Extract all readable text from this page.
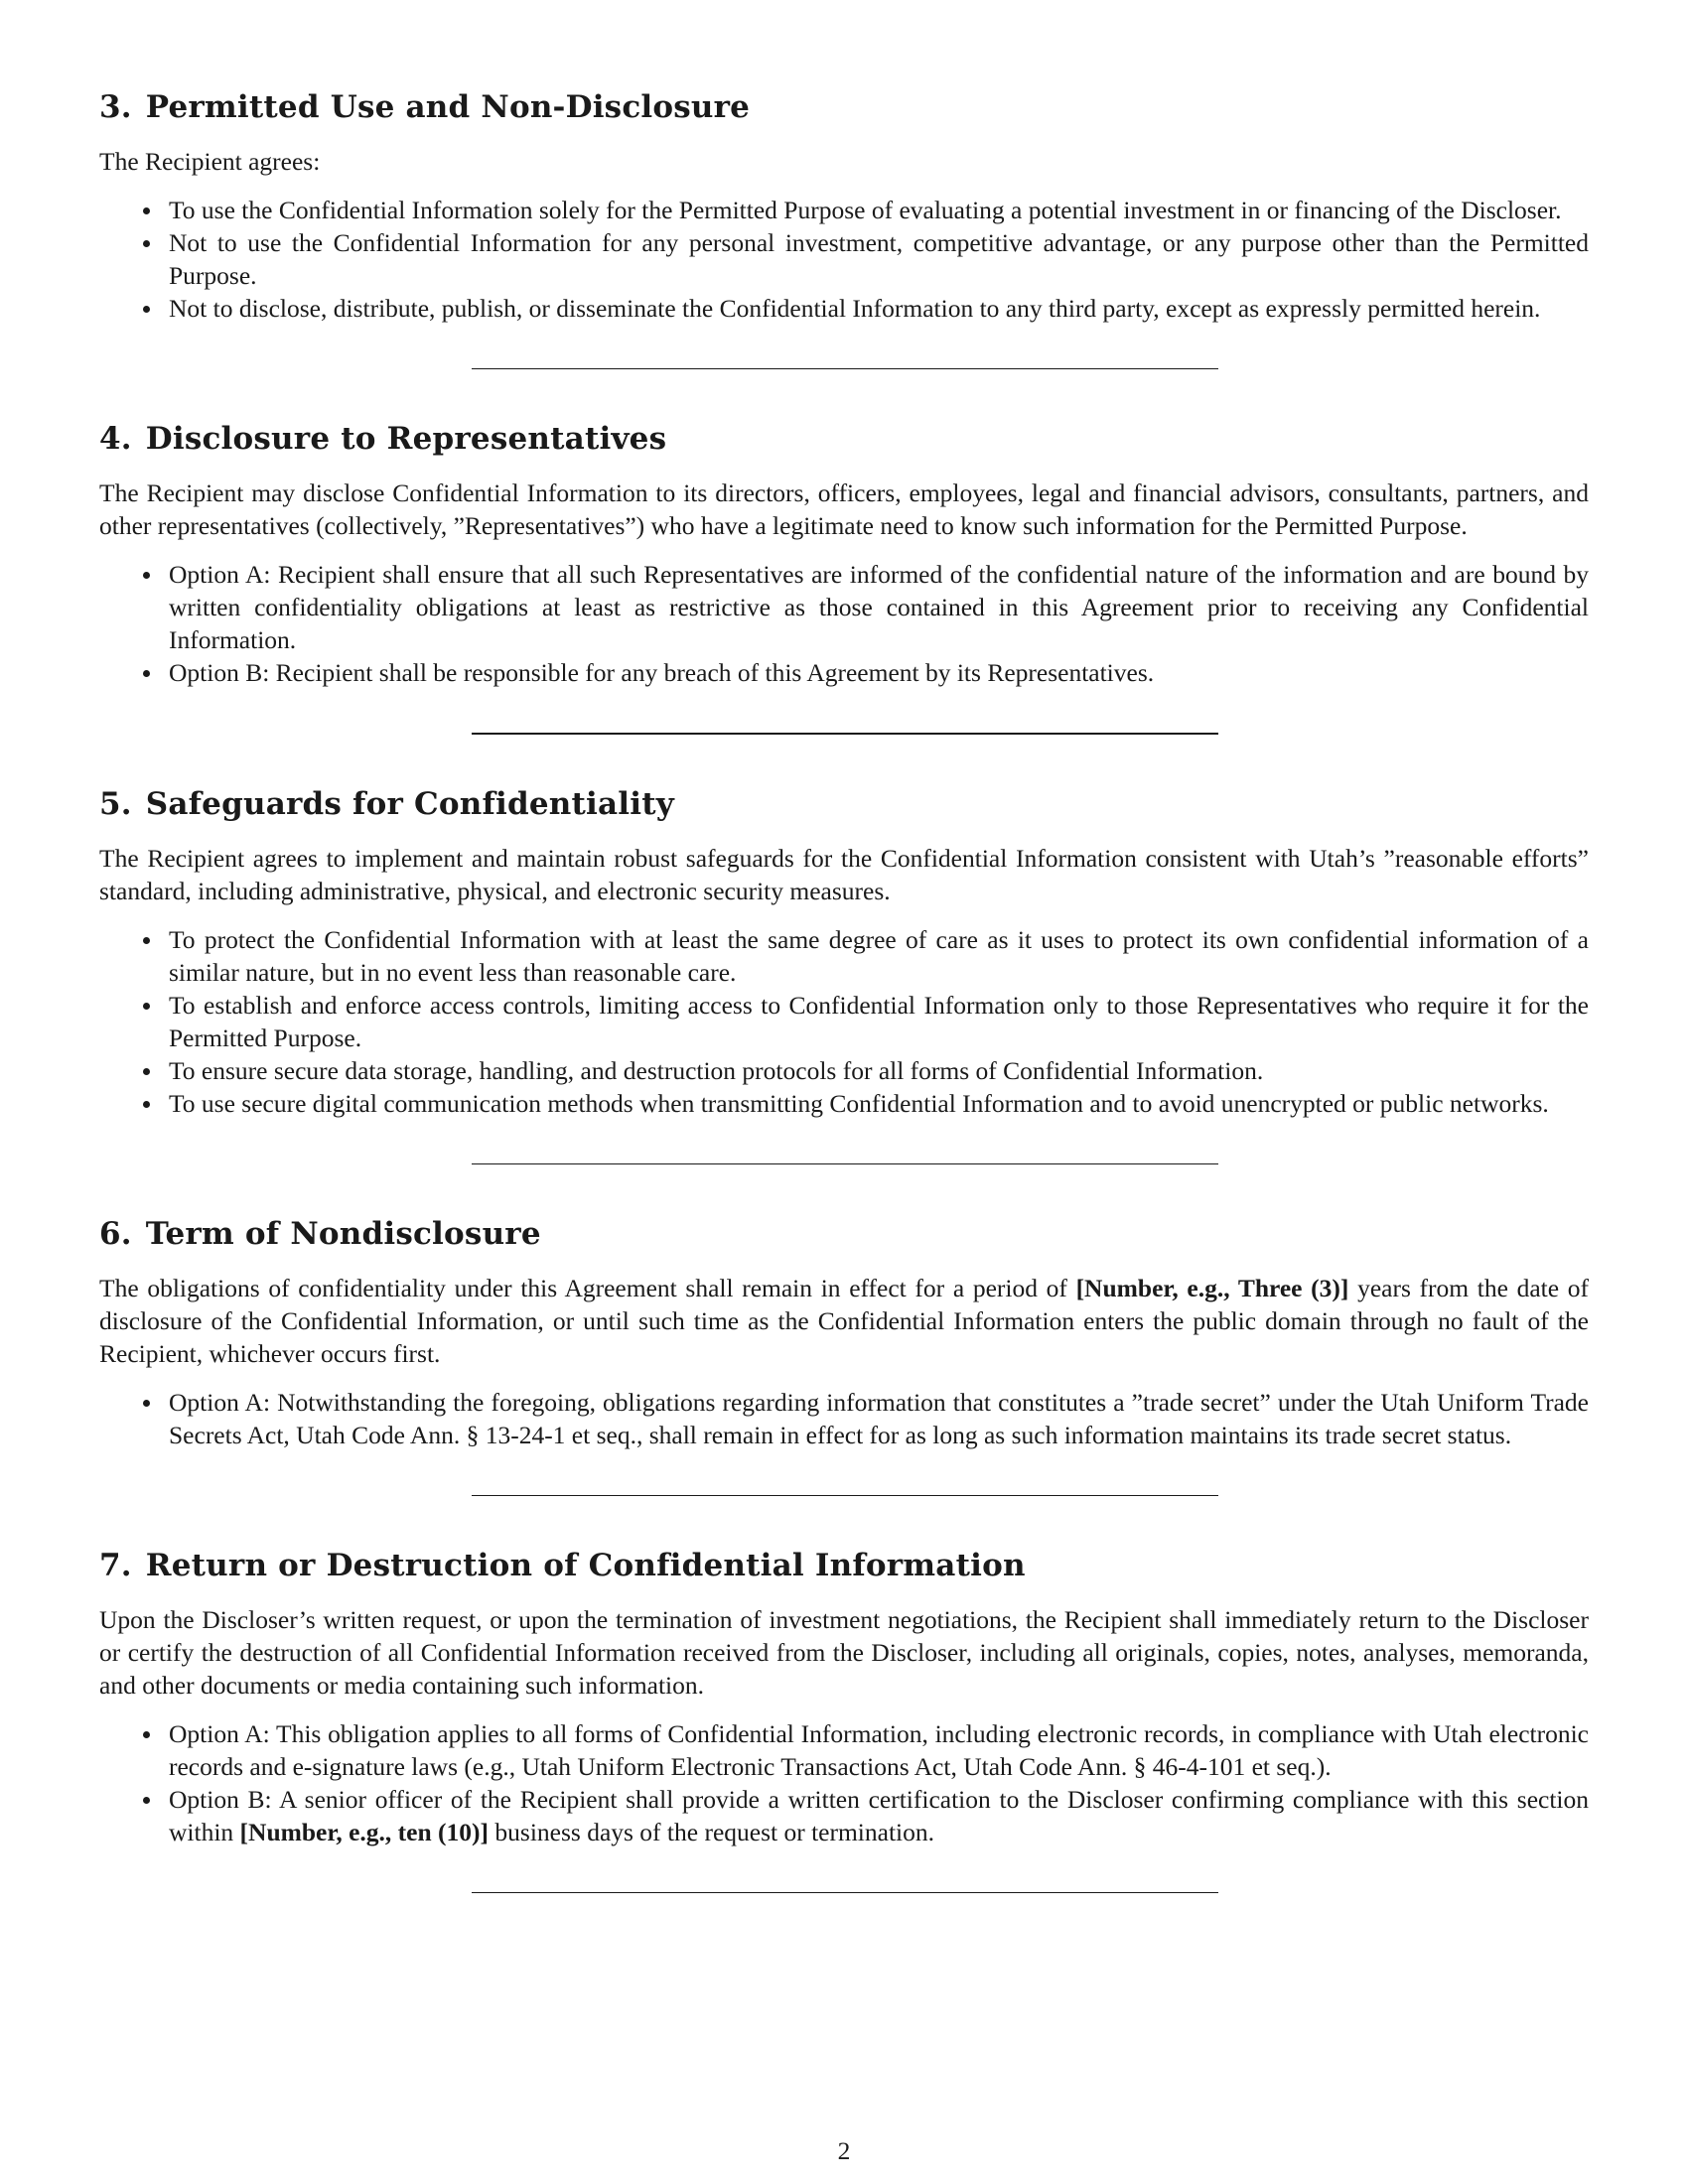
3. Permitted Use and Non-Disclosure

The Recipient agrees:

To use the Confidential Information solely for the Permitted Purpose of evaluating a potential investment in or financing of the Discloser.
Not to use the Confidential Information for any personal investment, competitive advantage, or any purpose other than the Permitted Purpose.
Not to disclose, distribute, publish, or disseminate the Confidential Information to any third party, except as expressly permitted herein.
4. Disclosure to Representatives

The Recipient may disclose Confidential Information to its directors, officers, employees, legal and financial advisors, consultants, partners, and other representatives (collectively, ”Representatives”) who have a legitimate need to know such information for the Permitted Purpose.

Option A: Recipient shall ensure that all such Representatives are informed of the confidential nature of the information and are bound by written confidentiality obligations at least as restrictive as those contained in this Agreement prior to receiving any Confidential Information.
Option B: Recipient shall be responsible for any breach of this Agreement by its Representatives.
5. Safeguards for Confidentiality

The Recipient agrees to implement and maintain robust safeguards for the Confidential Information consistent with Utah’s ”reasonable efforts” standard, including administrative, physical, and electronic security measures.

To protect the Confidential Information with at least the same degree of care as it uses to protect its own confidential information of a similar nature, but in no event less than reasonable care.
To establish and enforce access controls, limiting access to Confidential Information only to those Representatives who require it for the Permitted Purpose.
To ensure secure data storage, handling, and destruction protocols for all forms of Confidential Information.
To use secure digital communication methods when transmitting Confidential Information and to avoid unencrypted or public networks.
6. Term of Nondisclosure

The obligations of confidentiality under this Agreement shall remain in effect for a period of [Number, e.g., Three (3)] years from the date of disclosure of the Confidential Information, or until such time as the Confidential Information enters the public domain through no fault of the Recipient, whichever occurs first.

Option A: Notwithstanding the foregoing, obligations regarding information that constitutes a ”trade secret” under the Utah Uniform Trade Secrets Act, Utah Code Ann. § 13-24-1 et seq., shall remain in effect for as long as such information maintains its trade secret status.
7. Return or Destruction of Confidential Information

Upon the Discloser’s written request, or upon the termination of investment negotiations, the Recipient shall immediately return to the Discloser or certify the destruction of all Confidential Information received from the Discloser, including all originals, copies, notes, analyses, memoranda, and other documents or media containing such information.

Option A: This obligation applies to all forms of Confidential Information, including electronic records, in compliance with Utah electronic records and e-signature laws (e.g., Utah Uniform Electronic Transactions Act, Utah Code Ann. § 46-4-101 et seq.).
Option B: A senior officer of the Recipient shall provide a written certification to the Discloser confirming compliance with this section within [Number, e.g., ten (10)] business days of the request or termination.
2
